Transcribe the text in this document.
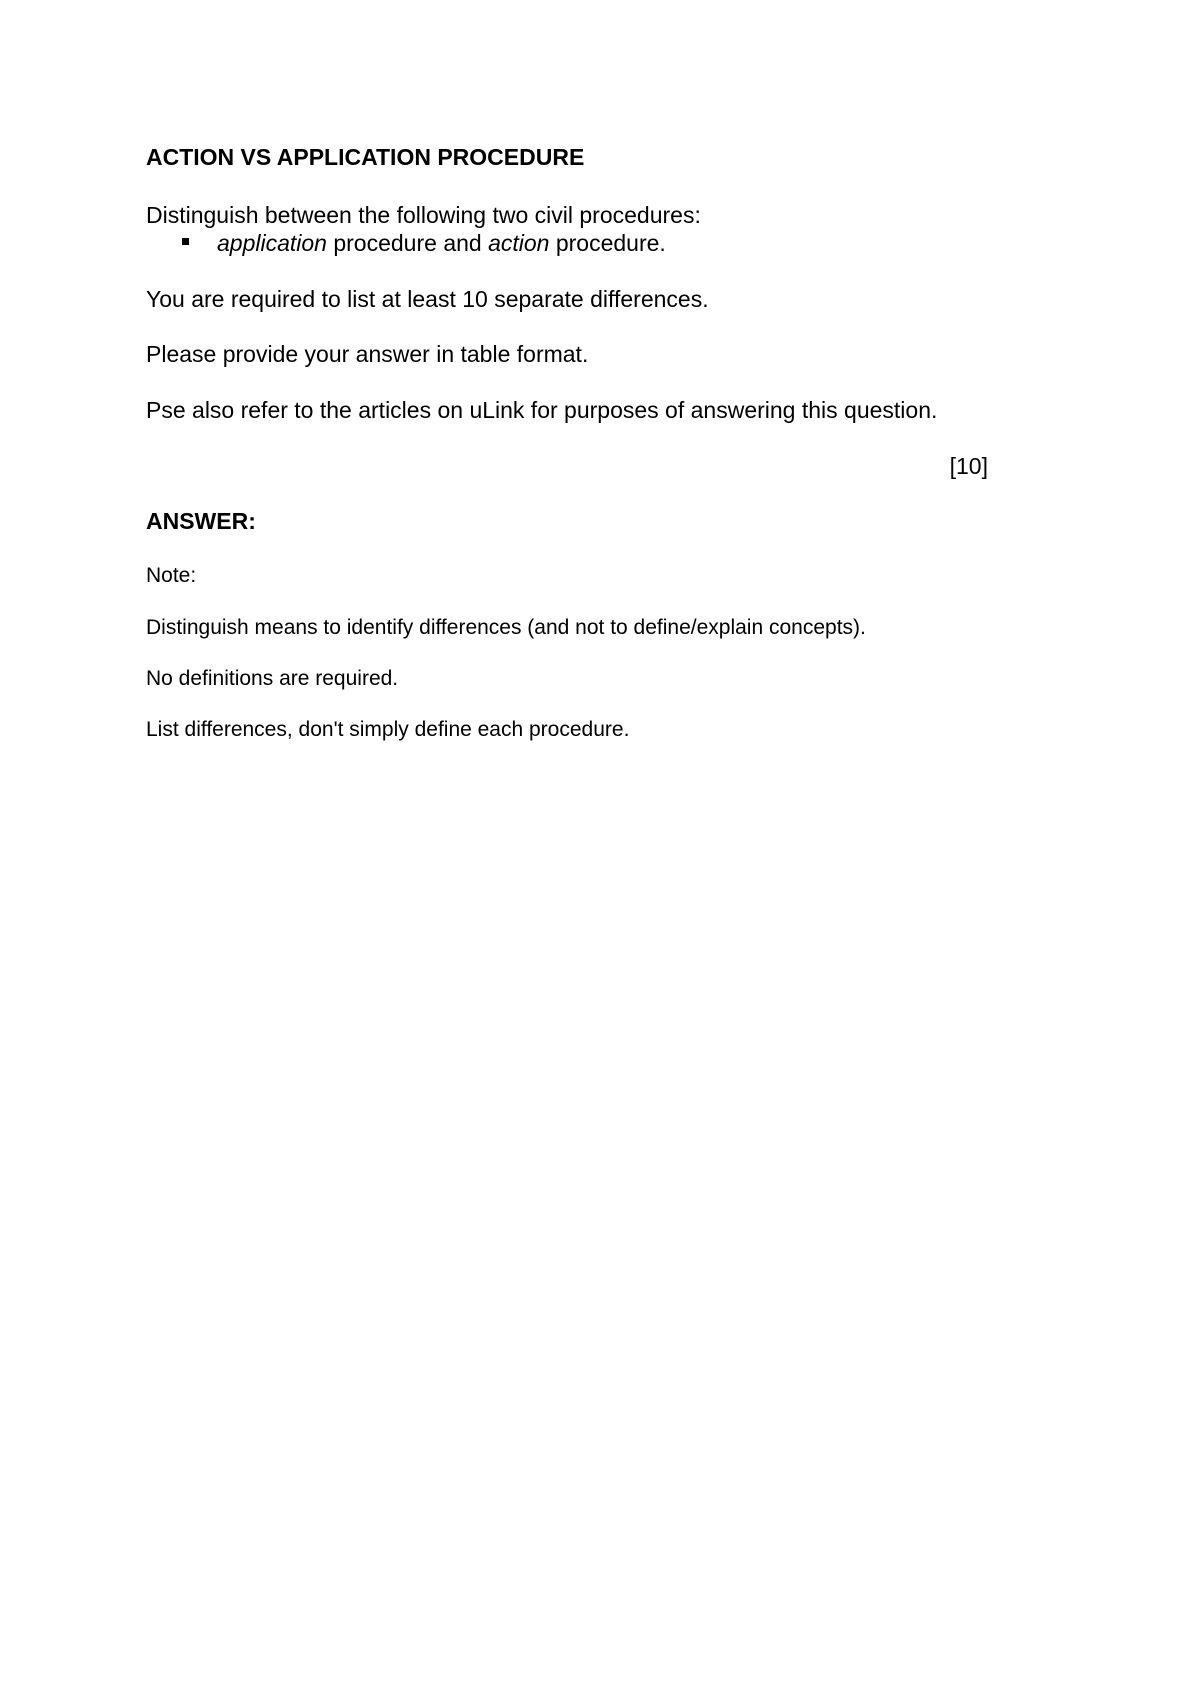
ACTION VS APPLICATION PROCEDURE

Distinguish between the following two civil procedures:

application procedure and action procedure.

You are required to list at least 10 separate differences.

Please provide your answer in table format.

Pse also refer to the articles on uLink for purposes of answering this question.

[10]

ANSWER:

Note:

Distinguish means to identify differences (and not to define/explain concepts).

No definitions are required.

List differences, don't simply define each procedure.
